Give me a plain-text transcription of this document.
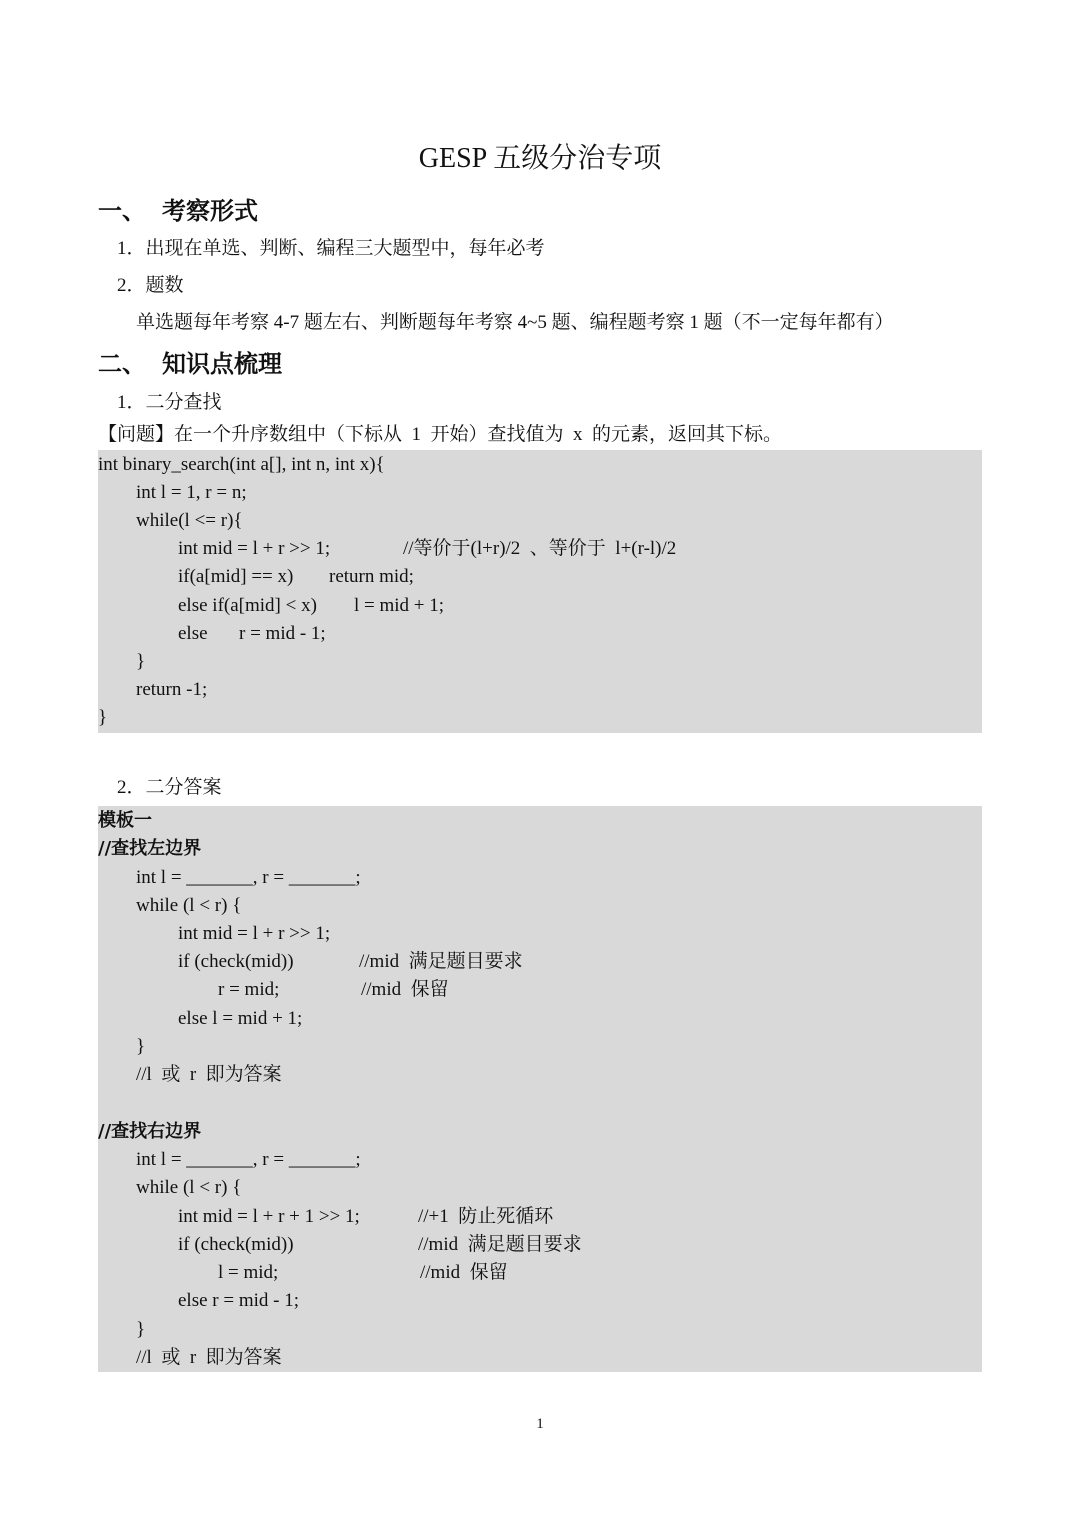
GESP 五级分治专项
一、 考察形式
1．出现在单选、判断、编程三大题型中，每年必考
2．题数
单选题每年考察 4-7 题左右、判断题每年考察 4~5 题、编程题考察 1 题（不一定每年都有）
二、 知识点梳理
1．二分查找
【问题】在一个升序数组中（下标从  1  开始）查找值为  x  的元素，返回其下标。
int binary_search(int a[], int n, int x){
int l = 1, r = n;
while(l <= r){
int mid = l + r >> 1;	//等价于(l+r)/2  、等价于  l+(r-l)/2
if(a[mid] == x) return mid;
else if(a[mid] < x) l = mid + 1;
else r = mid - 1;
}
return -1;
}
2．二分答案
模板一
//查找左边界
int l = _______, r = _______;
while (l < r) {
int mid = l + r >> 1;
if (check(mid))	//mid  满足题目要求
r = mid;	//mid  保留
else l = mid + 1;
}
//l  或  r  即为答案
//查找右边界
int l = _______, r = _______;
while (l < r) {
int mid = l + r + 1 >> 1;	//+1  防止死循环
if (check(mid))	//mid  满足题目要求
l = mid;	//mid  保留
else r = mid - 1;
}
//l  或  r  即为答案
1
